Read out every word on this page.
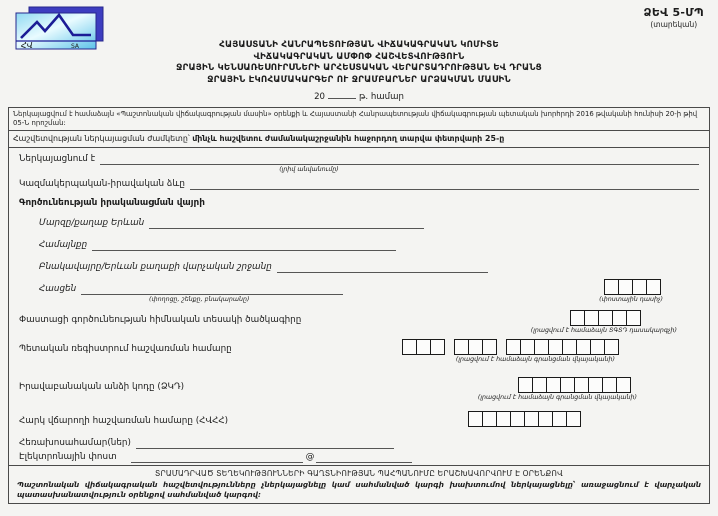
ՀՎ	SA
ՁԵՎ 5-ՄՊ
(տարեկան)
ՀԱՅԱՍՏԱՆԻ ՀԱՆՐԱՊԵՏՈՒԹՅԱՆ ՎԻՃԱԿԱԳՐԱԿԱՆ ԿՈՄԻՏԵ
ՎԻՃԱԿԱԳՐԱԿԱՆ ԱՄՓՈՓ ՀԱՇՎԵՏՎՈՒԹՅՈՒՆ
ՋՐԱՅԻՆ ԿԵՆՍԱՌԵՍՈՒՐՍՆԵՐԻ ԱՐՀԵՍՏԱԿԱՆ ՎԵՐԱՐՏԱԴՐՈՒԹՅԱՆ ԵՎ ԴՐԱՆՑ
ՋՐԱՅԻՆ ԷԿՈՀԱՄԱԿԱՐԳԵՐ ՈՒ ՋՐԱՄԲԱՐՆԵՐ ԱՐՁԱԿՄԱՆ ՄԱՍԻՆ
20	թ. համար
Ներկայացվում է համաձայն «Պաշտոնական վիճակագրության մասին» օրենքի և Հայաստանի Հանրապետության վիճակագրության պետական խորհրդի 2016 թվականի հունիսի 20-ի թիվ 05-Ն որոշման:
Հաշվետվության ներկայացման ժամկետը՝ մինչև հաշվետու ժամանակաշրջանին հաջորդող տարվա փետրվարի 25-ը
Ներկայացնում է
(լրիվ անվանումը)
Կազմակերպական-իրավական ձևը
Գործունեության իրականացման վայրի
Մարզը/քաղաք Երևան
Համայնքը
Բնակավայրը/Երևան քաղաքի վարչական շրջանը
Հասցեն
(փողոցը, շենքը, բնակարանը)	(փոստային դասիչ)
Փաստացի գործունեության հիմնական տեսակի ծածկագիրը
(լրացվում է համաձայն ՏԳՏԴ դասակարգչի)
Պետական ռեգիստրում հաշվառման համարը
(լրացվում է համաձայն գրանցման վկայականի)
Իրավաբանական անձի կոդը (ՁԿԴ)
(լրացվում է համաձայն գրանցման վկայականի)
Հարկ վճարողի հաշվառման համարը (ՀՎՀՀ)
Հեռախոսահամար(ներ)
Էլեկտրոնային փոստ	@
ՏՐԱՄԱԴՐՎԱԾ ՏԵՂԵԿՈՒԹՅՈՒՆՆԵՐԻ ԳԱՂՏՆԻՈՒԹՅԱՆ ՊԱՀՊԱՆՈՒՄԸ ԵՐԱՇԽԱՎՈՐՎՈՒՄ Է ՕՐԵՆՔՈՎ
Պաշտոնական վիճակագրական հաշվետվությունները չներկայացնելը կամ սահմանված կարգի խախտումով ներկայացնելը՝ առաջացնում է վարչական պատասխանատվություն օրենքով սահմանված կարգով:
